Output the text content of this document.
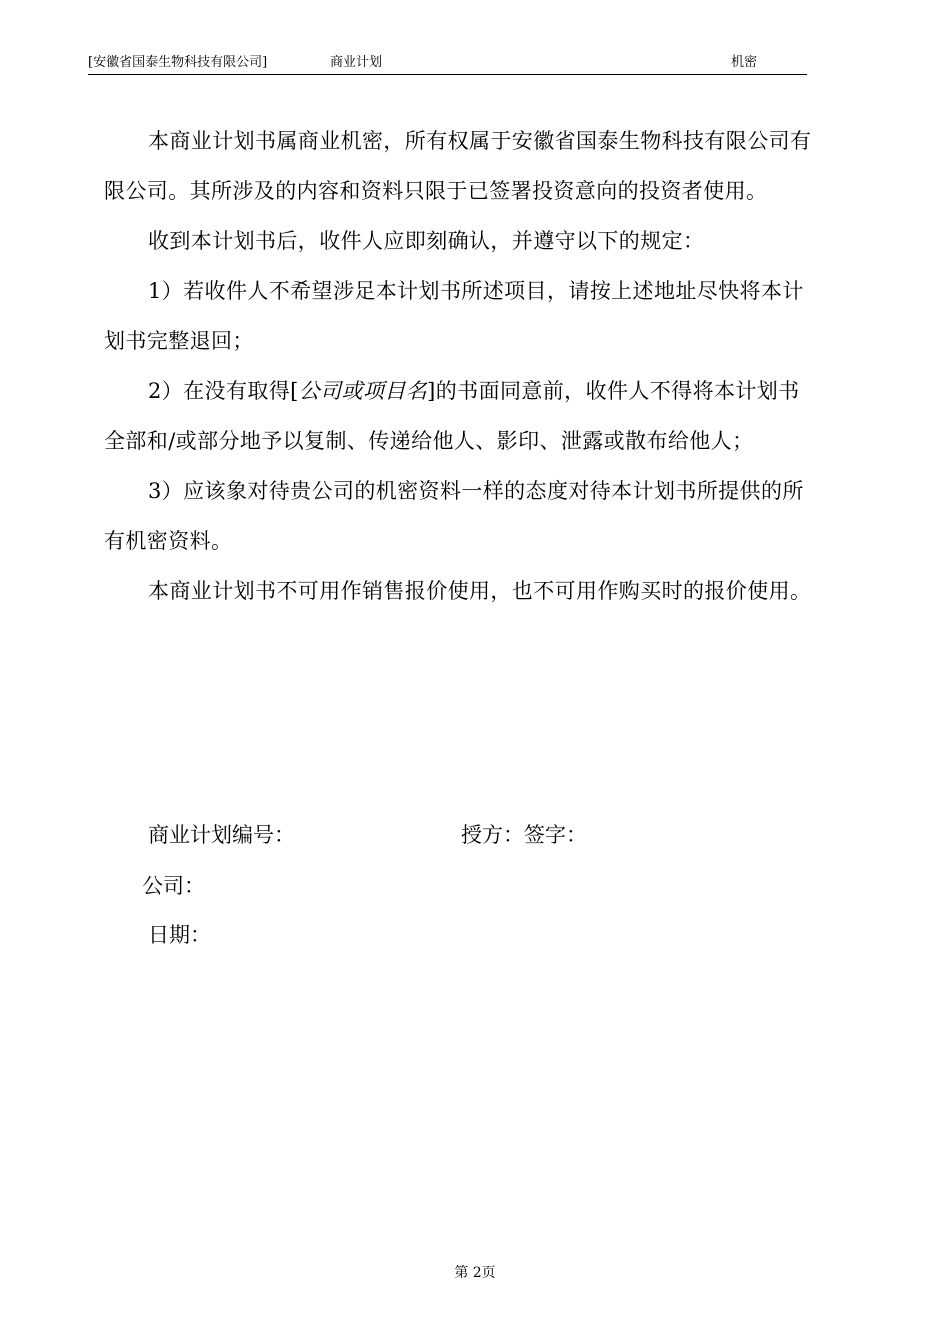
[安徽省国泰生物科技有限公司]	商业计划	机密

本商业计划书属商业机密，所有权属于安徽省国泰生物科技有限公司有限公司。其所涉及的内容和资料只限于已签署投资意向的投资者使用。

收到本计划书后，收件人应即刻确认，并遵守以下的规定：

1）若收件人不希望涉足本计划书所述项目，请按上述地址尽快将本计划书完整退回；

2）在没有取得[公司或项目名]的书面同意前，收件人不得将本计划书全部和/或部分地予以复制、传递给他人、影印、泄露或散布给他人；

3）应该象对待贵公司的机密资料一样的态度对待本计划书所提供的所有机密资料。

本商业计划书不可用作销售报价使用，也不可用作购买时的报价使用。

商业计划编号：	授方：签字：
公司：
日期：
第 2页
